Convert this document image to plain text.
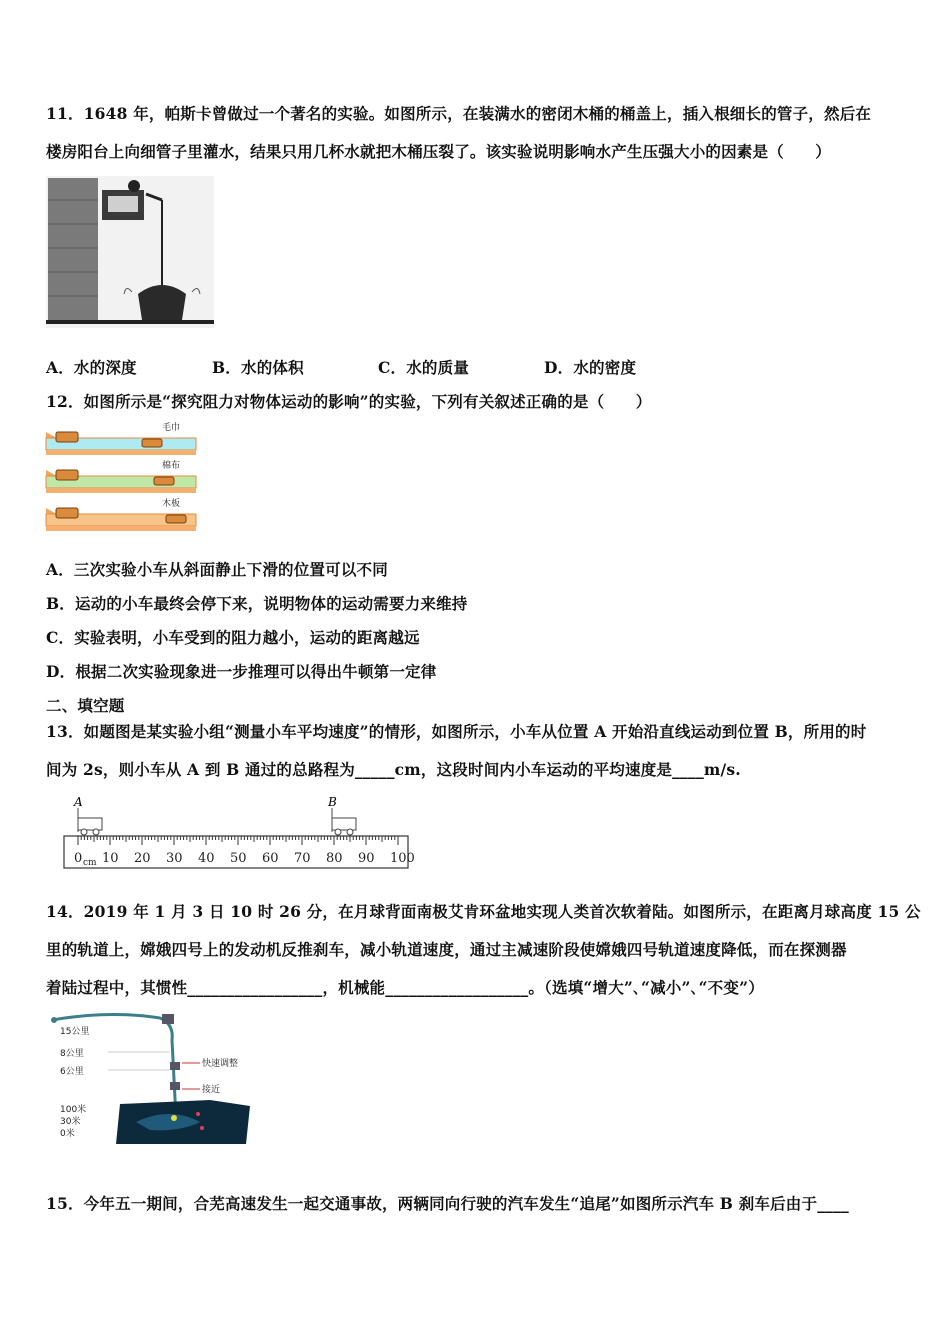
11．1648 年，帕斯卡曾做过一个著名的实验。如图所示，在装满水的密闭木桶的桶盖上，插入根细长的管子，然后在
楼房阳台上向细管子里灌水，结果只用几杯水就把木桶压裂了。该实验说明影响水产生压强大小的因素是（　　）
A．水的深度	B．水的体积	C．水的质量	D．水的密度
12．如图所示是“探究阻力对物体运动的影响”的实验，下列有关叙述正确的是（　　）
毛巾
棉布
木板
A．三次实验小车从斜面静止下滑的位置可以不同
B．运动的小车最终会停下来，说明物体的运动需要力来维持
C．实验表明，小车受到的阻力越小，运动的距离越远
D．根据二次实验现象进一步推理可以得出牛顿第一定律
二、填空题
13．如题图是某实验小组“测量小车平均速度”的情形，如图所示，小车从位置 A 开始沿直线运动到位置 B，所用的时
间为 2s，则小车从 A 到 B 通过的总路程为_____cm，这段时间内小车运动的平均速度是____m/s.
A	B
0 10 20 30 40 50 60 70 80 90 100
cm
14．2019 年 1 月 3 日 10 时 26 分，在月球背面南极艾肯环盆地实现人类首次软着陆。如图所示，在距离月球高度 15 公
里的轨道上，嫦娥四号上的发动机反推刹车，减小轨道速度，通过主减速阶段使嫦娥四号轨道速度降低，而在探测器
着陆过程中，其惯性_________________，机械能__________________。（选填“增大”､“减小”､“不变”）
15公里
8公里
6公里
100米
30米
0米
快速调整
接近
15．今年五一期间，合芜高速发生一起交通事故，两辆同向行驶的汽车发生“追尾”如图所示汽车 B 刹车后由于____
